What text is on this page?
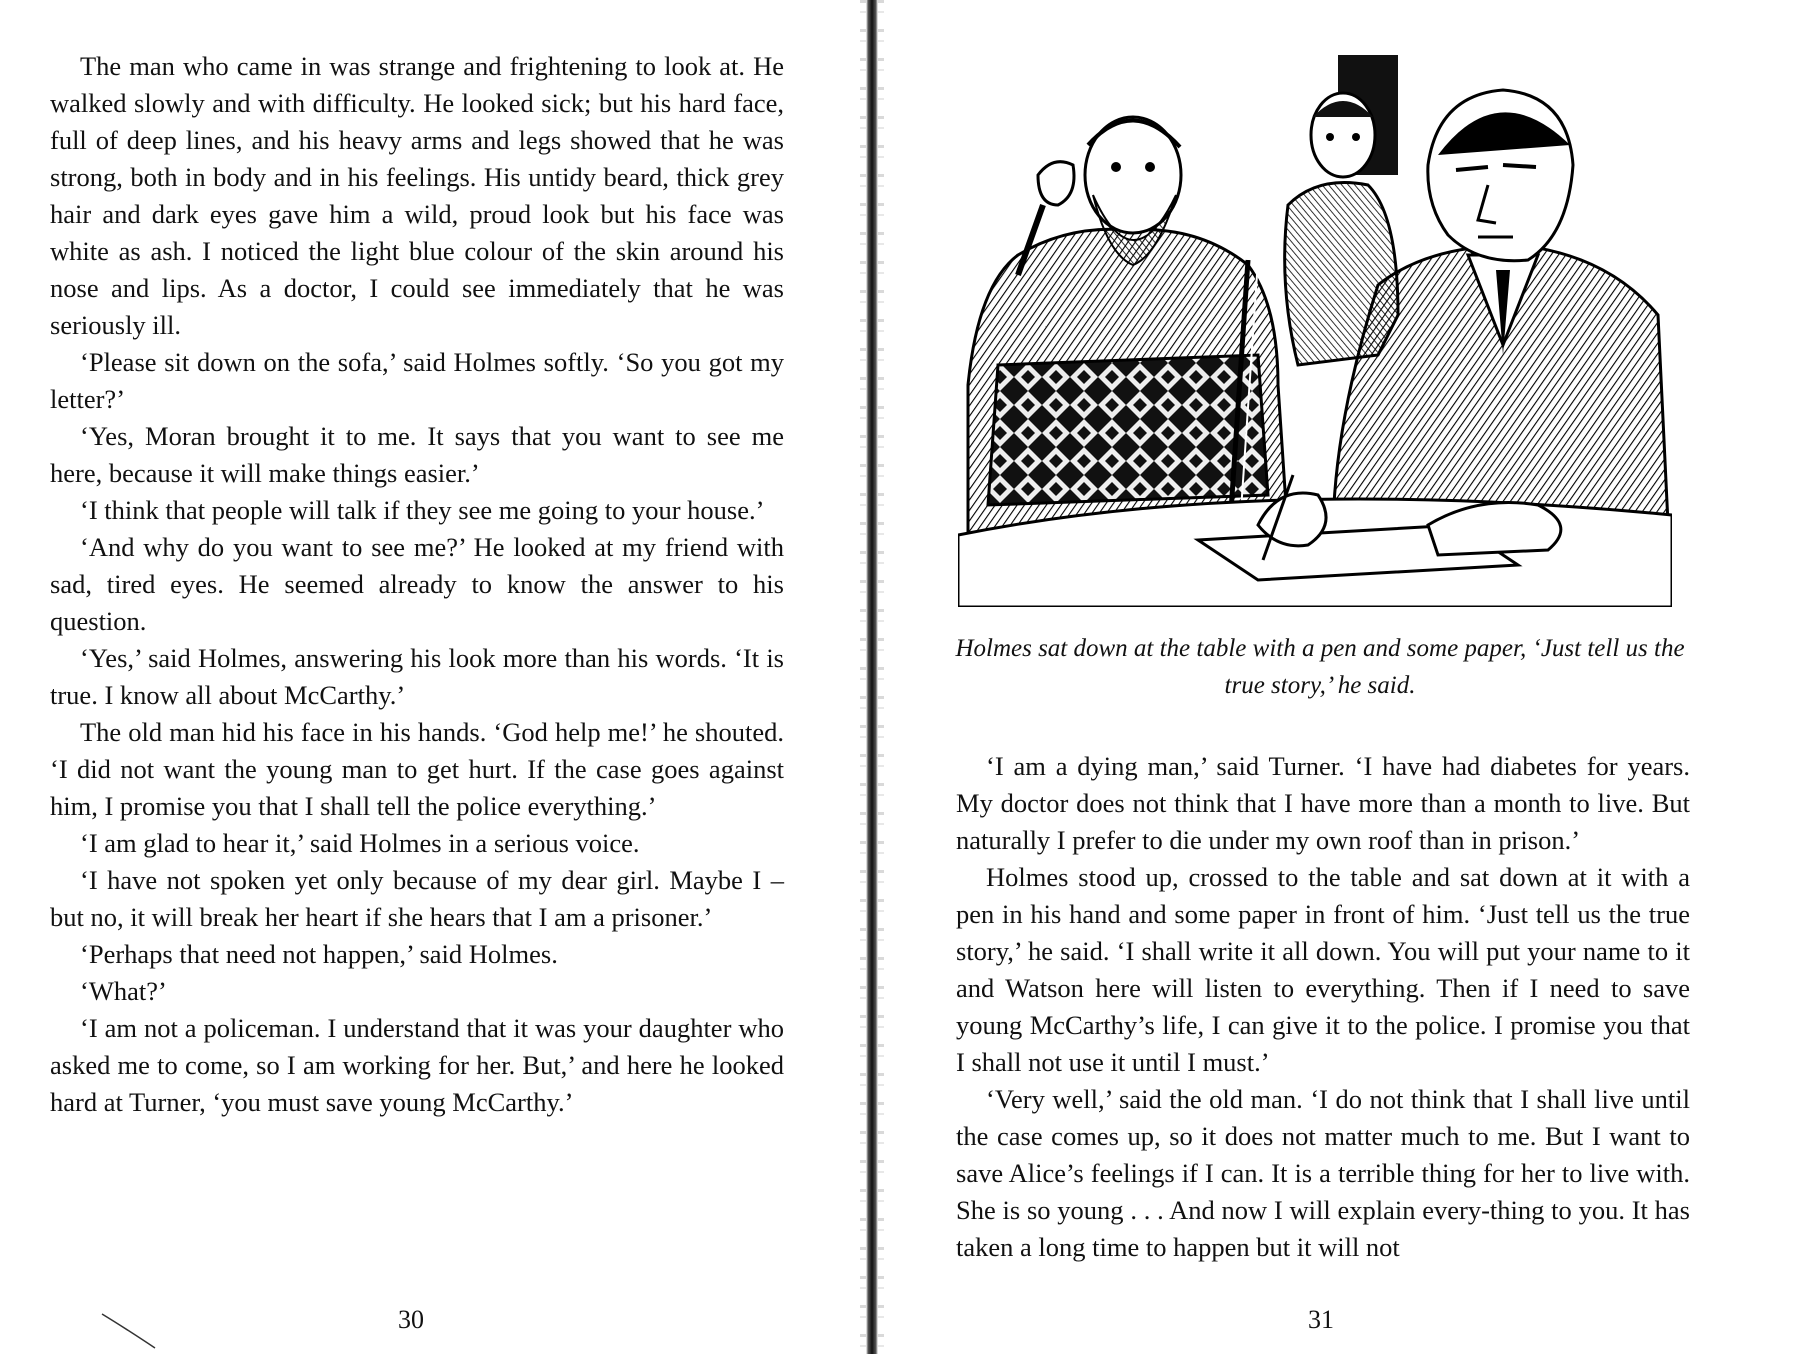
The man who came in was strange and frightening to look at. He walked slowly and with difficulty. He looked sick; but his hard face, full of deep lines, and his heavy arms and legs showed that he was strong, both in body and in his feelings. His untidy beard, thick grey hair and dark eyes gave him a wild, proud look but his face was white as ash. I noticed the light blue colour of the skin around his nose and lips. As a doctor, I could see immediately that he was seriously ill.

‘Please sit down on the sofa,’ said Holmes softly. ‘So you got my letter?’

‘Yes, Moran brought it to me. It says that you want to see me here, because it will make things easier.’

‘I think that people will talk if they see me going to your house.’

‘And why do you want to see me?’ He looked at my friend with sad, tired eyes. He seemed already to know the answer to his question.

‘Yes,’ said Holmes, answering his look more than his words. ‘It is true. I know all about McCarthy.’

The old man hid his face in his hands. ‘God help me!’ he shouted. ‘I did not want the young man to get hurt. If the case goes against him, I promise you that I shall tell the police everything.’

‘I am glad to hear it,’ said Holmes in a serious voice.

‘I have not spoken yet only because of my dear girl. Maybe I – but no, it will break her heart if she hears that I am a prisoner.’

‘Perhaps that need not happen,’ said Holmes.

‘What?’

‘I am not a policeman. I understand that it was your daughter who asked me to come, so I am working for her. But,’ and here he looked hard at Turner, ‘you must save young McCarthy.’

30
Holmes sat down at the table with a pen and some paper, ‘Just tell us the true story,’ he said.

‘I am a dying man,’ said Turner. ‘I have had diabetes for years. My doctor does not think that I have more than a month to live. But naturally I prefer to die under my own roof than in prison.’

Holmes stood up, crossed to the table and sat down at it with a pen in his hand and some paper in front of him. ‘Just tell us the true story,’ he said. ‘I shall write it all down. You will put your name to it and Watson here will listen to everything. Then if I need to save young McCarthy’s life, I can give it to the police. I promise you that I shall not use it until I must.’

‘Very well,’ said the old man. ‘I do not think that I shall live until the case comes up, so it does not matter much to me. But I want to save Alice’s feelings if I can. It is a terrible thing for her to live with. She is so young . . . And now I will explain every-thing to you. It has taken a long time to happen but it will not

31
